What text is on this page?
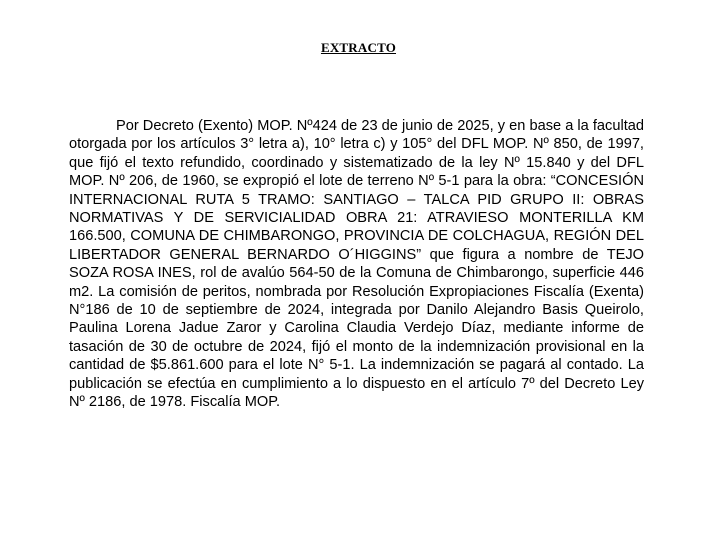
EXTRACTO

Por Decreto (Exento) MOP. Nº424 de 23 de junio de 2025, y en base a la facultad otorgada por los artículos 3° letra a), 10° letra c) y 105° del DFL MOP. Nº 850, de 1997, que fijó el texto refundido, coordinado y sistematizado de la ley Nº 15.840 y del DFL MOP. Nº 206, de 1960, se expropió el lote de terreno Nº 5-1 para la obra: “CONCESIÓN INTERNACIONAL RUTA 5 TRAMO: SANTIAGO – TALCA PID GRUPO II: OBRAS NORMATIVAS Y DE SERVICIALIDAD OBRA 21: ATRAVIESO MONTERILLA KM 166.500, COMUNA DE CHIMBARONGO, PROVINCIA DE COLCHAGUA, REGIÓN DEL LIBERTADOR GENERAL BERNARDO O´HIGGINS” que figura a nombre de TEJO SOZA ROSA INES, rol de avalúo 564-50 de la Comuna de Chimbarongo, superficie 446 m2. La comisión de peritos, nombrada por Resolución Expropiaciones Fiscalía (Exenta) N°186 de 10 de septiembre de 2024, integrada por Danilo Alejandro Basis Queirolo, Paulina Lorena Jadue Zaror y Carolina Claudia Verdejo Díaz, mediante informe de tasación de 30 de octubre de 2024, fijó el monto de la indemnización provisional en la cantidad de $5.861.600 para el lote N° 5-1. La indemnización se pagará al contado. La publicación se efectúa en cumplimiento a lo dispuesto en el artículo 7º del Decreto Ley Nº 2186, de 1978. Fiscalía MOP.
